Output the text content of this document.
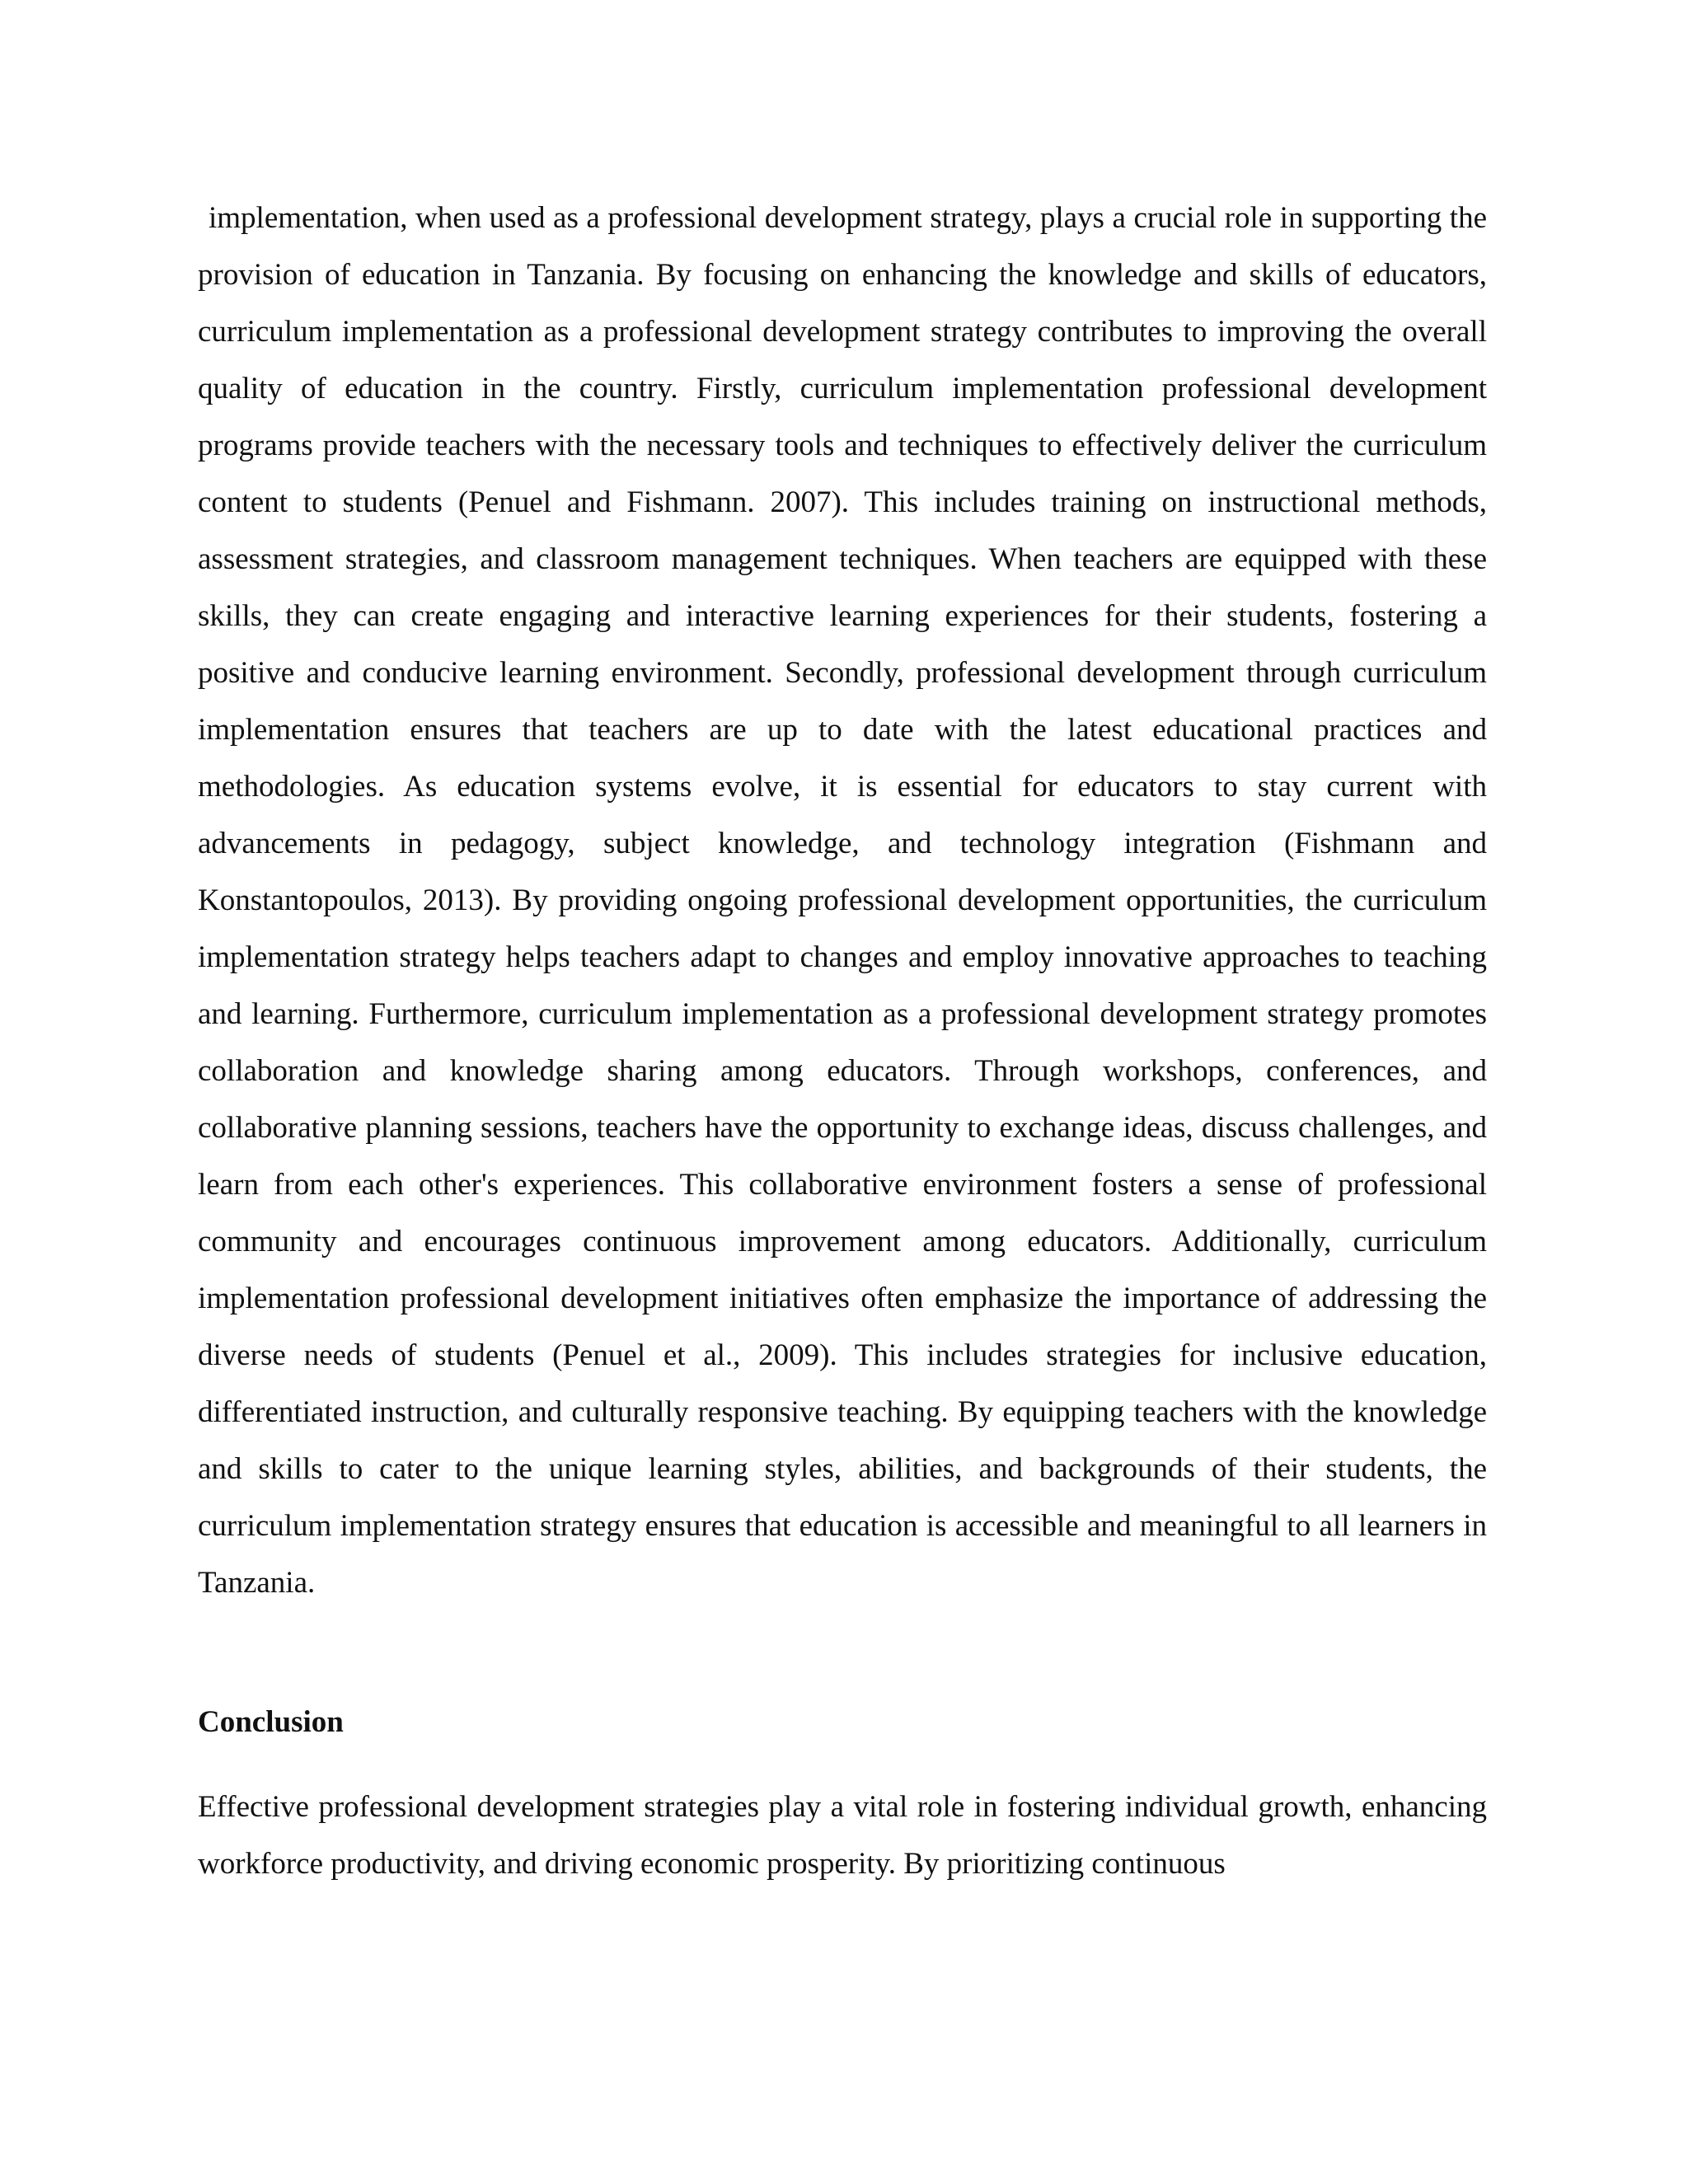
implementation, when used as a professional development strategy, plays a crucial role in supporting the provision of education in Tanzania. By focusing on enhancing the knowledge and skills of educators, curriculum implementation as a professional development strategy contributes to improving the overall quality of education in the country. Firstly, curriculum implementation professional development programs provide teachers with the necessary tools and techniques to effectively deliver the curriculum content to students (Penuel and Fishmann. 2007). This includes training on instructional methods, assessment strategies, and classroom management techniques. When teachers are equipped with these skills, they can create engaging and interactive learning experiences for their students, fostering a positive and conducive learning environment. Secondly, professional development through curriculum implementation ensures that teachers are up to date with the latest educational practices and methodologies. As education systems evolve, it is essential for educators to stay current with advancements in pedagogy, subject knowledge, and technology integration (Fishmann and Konstantopoulos, 2013). By providing ongoing professional development opportunities, the curriculum implementation strategy helps teachers adapt to changes and employ innovative approaches to teaching and learning. Furthermore, curriculum implementation as a professional development strategy promotes collaboration and knowledge sharing among educators. Through workshops, conferences, and collaborative planning sessions, teachers have the opportunity to exchange ideas, discuss challenges, and learn from each other's experiences. This collaborative environment fosters a sense of professional community and encourages continuous improvement among educators. Additionally, curriculum implementation professional development initiatives often emphasize the importance of addressing the diverse needs of students (Penuel et al., 2009). This includes strategies for inclusive education, differentiated instruction, and culturally responsive teaching. By equipping teachers with the knowledge and skills to cater to the unique learning styles, abilities, and backgrounds of their students, the curriculum implementation strategy ensures that education is accessible and meaningful to all learners in Tanzania.

Conclusion

Effective professional development strategies play a vital role in fostering individual growth, enhancing workforce productivity, and driving economic prosperity. By prioritizing continuous
